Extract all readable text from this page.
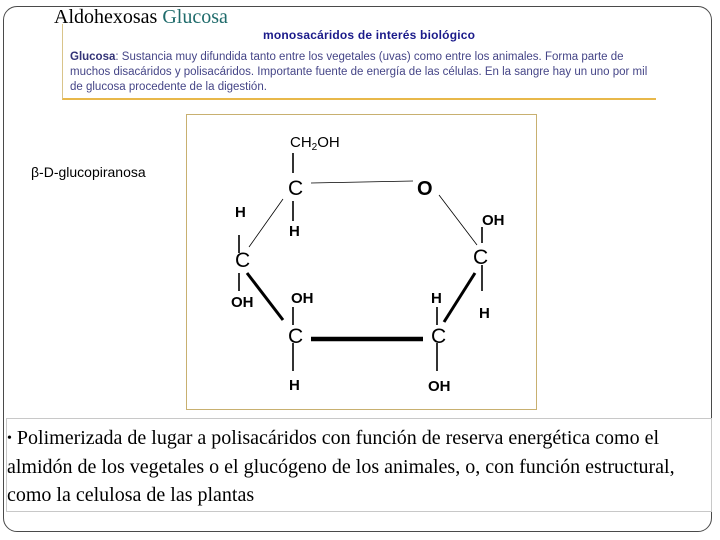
Aldohexosas Glucosa

monosacáridos de interés biológico

Glucosa: Sustancia muy difundida tanto entre los vegetales (uvas) como entre los animales. Forma parte de muchos disacáridos y polisacáridos. Importante fuente de energía de las células. En la sangre hay un uno por mil de glucosa procedente de la digestión.

β-D-glucopiranosa
$CH_2OH$
C	O
H
H
C
OH
C
OH	OH	H
H
C	C
H	OH

• Polimerizada de lugar a polisacáridos con función de reserva energética como el almidón de los vegetales o el glucógeno de los animales, o, con función estructural, como la celulosa de las plantas
